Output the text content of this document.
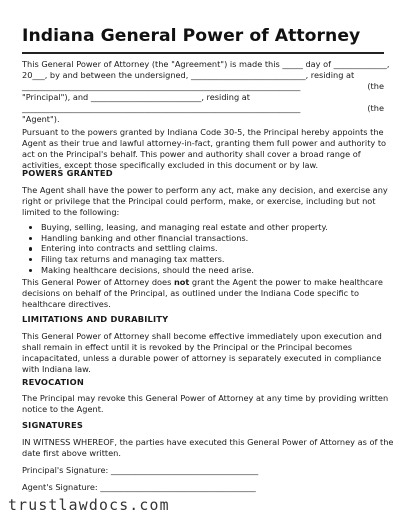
Indiana General Power of Attorney
This General Power of Attorney (the "Agreement") is made this _____ day of _____________,
20___, by and between the undersigned, ____________________________, residing at
____________________________________________________________________	(the
"Principal"), and ___________________________, residing at
____________________________________________________________________	(the
"Agent").
Pursuant to the powers granted by Indiana Code 30-5, the Principal hereby appoints the
Agent as their true and lawful attorney-in-fact, granting them full power and authority to
act on the Principal's behalf. This power and authority shall cover a broad range of
activities, except those specifically excluded in this document or by law.
POWERS GRANTED
The Agent shall have the power to perform any act, make any decision, and exercise any
right or privilege that the Principal could perform, make, or exercise, including but not
limited to the following:
Buying, selling, leasing, and managing real estate and other property.
Handling banking and other financial transactions.
Entering into contracts and settling claims.
Filing tax returns and managing tax matters.
Making healthcare decisions, should the need arise.
This General Power of Attorney does not grant the Agent the power to make healthcare
decisions on behalf of the Principal, as outlined under the Indiana Code specific to
healthcare directives.
LIMITATIONS AND DURABILITY
This General Power of Attorney shall become effective immediately upon execution and
shall remain in effect until it is revoked by the Principal or the Principal becomes
incapacitated, unless a durable power of attorney is separately executed in compliance
with Indiana law.
REVOCATION
The Principal may revoke this General Power of Attorney at any time by providing written
notice to the Agent.
SIGNATURES
IN WITNESS WHEREOF, the parties have executed this General Power of Attorney as of the
date first above written.
Principal's Signature: ____________________________________
Agent's Signature: ______________________________________

trustlawdocs.com
